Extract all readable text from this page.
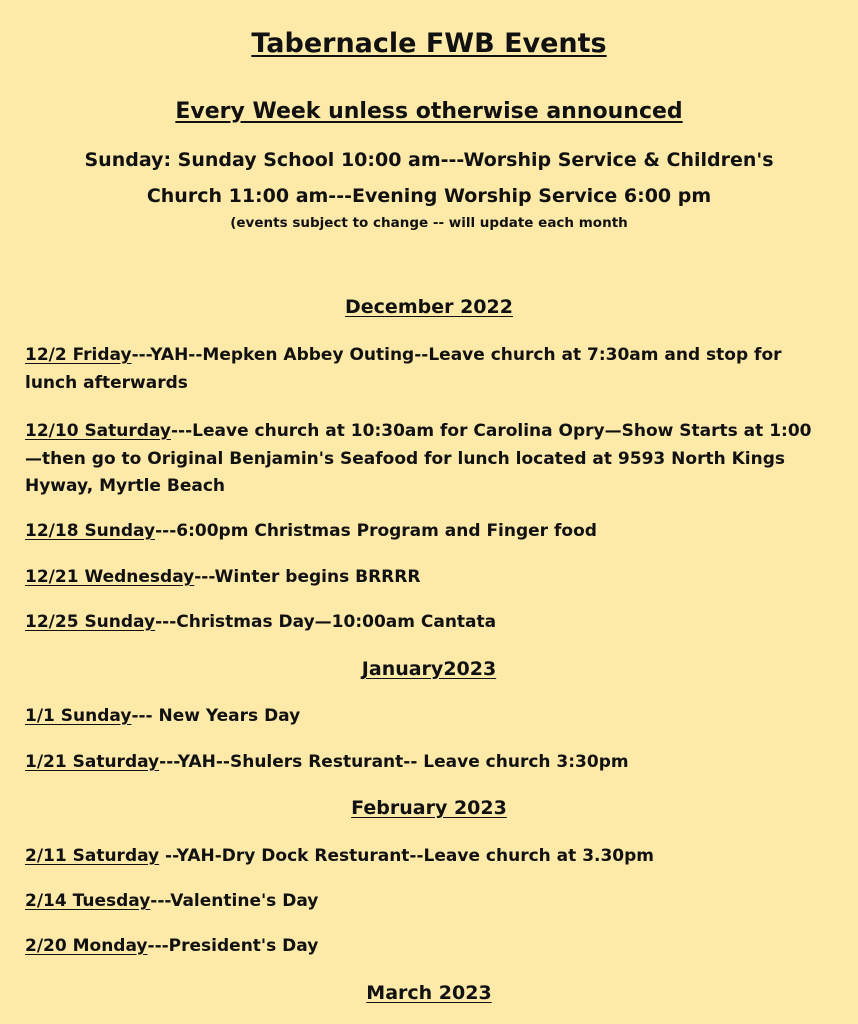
Tabernacle FWB Events
Every Week unless otherwise announced
Sunday: Sunday School 10:00 am---Worship Service & Children's
Church 11:00 am---Evening Worship Service 6:00 pm
(events subject to change -- will update each month
December 2022
12/2 Friday---YAH--Mepken Abbey Outing--Leave church at 7:30am and stop for lunch afterwards
12/10 Saturday---Leave church at 10:30am for Carolina Opry—Show Starts at 1:00—then go to Original Benjamin's Seafood for lunch located at 9593 North Kings Hyway, Myrtle Beach
12/18 Sunday---6:00pm Christmas Program and Finger food
12/21 Wednesday---Winter begins BRRRR
12/25 Sunday---Christmas Day—10:00am Cantata
January2023
1/1 Sunday--- New Years Day
1/21 Saturday---YAH--Shulers Resturant-- Leave church 3:30pm
February 2023
2/11 Saturday --YAH-Dry Dock Resturant--Leave church at 3.30pm
2/14 Tuesday---Valentine's Day
2/20 Monday---President's Day
March 2023
